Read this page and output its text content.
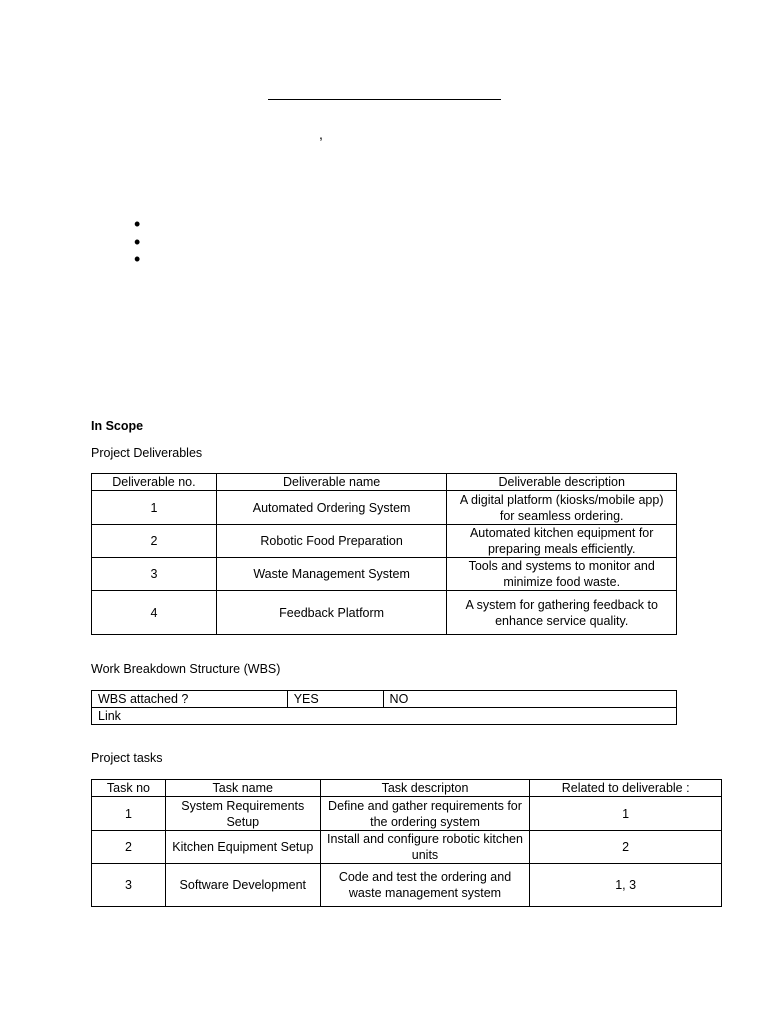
,
•
•
•
In Scope
Project Deliverables
Deliverable no.	Deliverable name	Deliverable description
1	Automated Ordering System	A digital platform (kiosks/mobile app) for seamless ordering.
2	Robotic Food Preparation	Automated kitchen equipment for preparing meals efficiently.
3	Waste Management System	Tools and systems to monitor and minimize food waste.
4	Feedback Platform	A system for gathering feedback to enhance service quality.
Work Breakdown Structure (WBS)
WBS attached ?	YES	NO
Link
Project tasks
Task no	Task name	Task descripton	Related to deliverable :
1	System Requirements Setup	Define and gather requirements for the ordering system	1
2	Kitchen Equipment Setup	Install and configure robotic kitchen units	2
3	Software Development	Code and test the ordering and waste management system	1, 3
